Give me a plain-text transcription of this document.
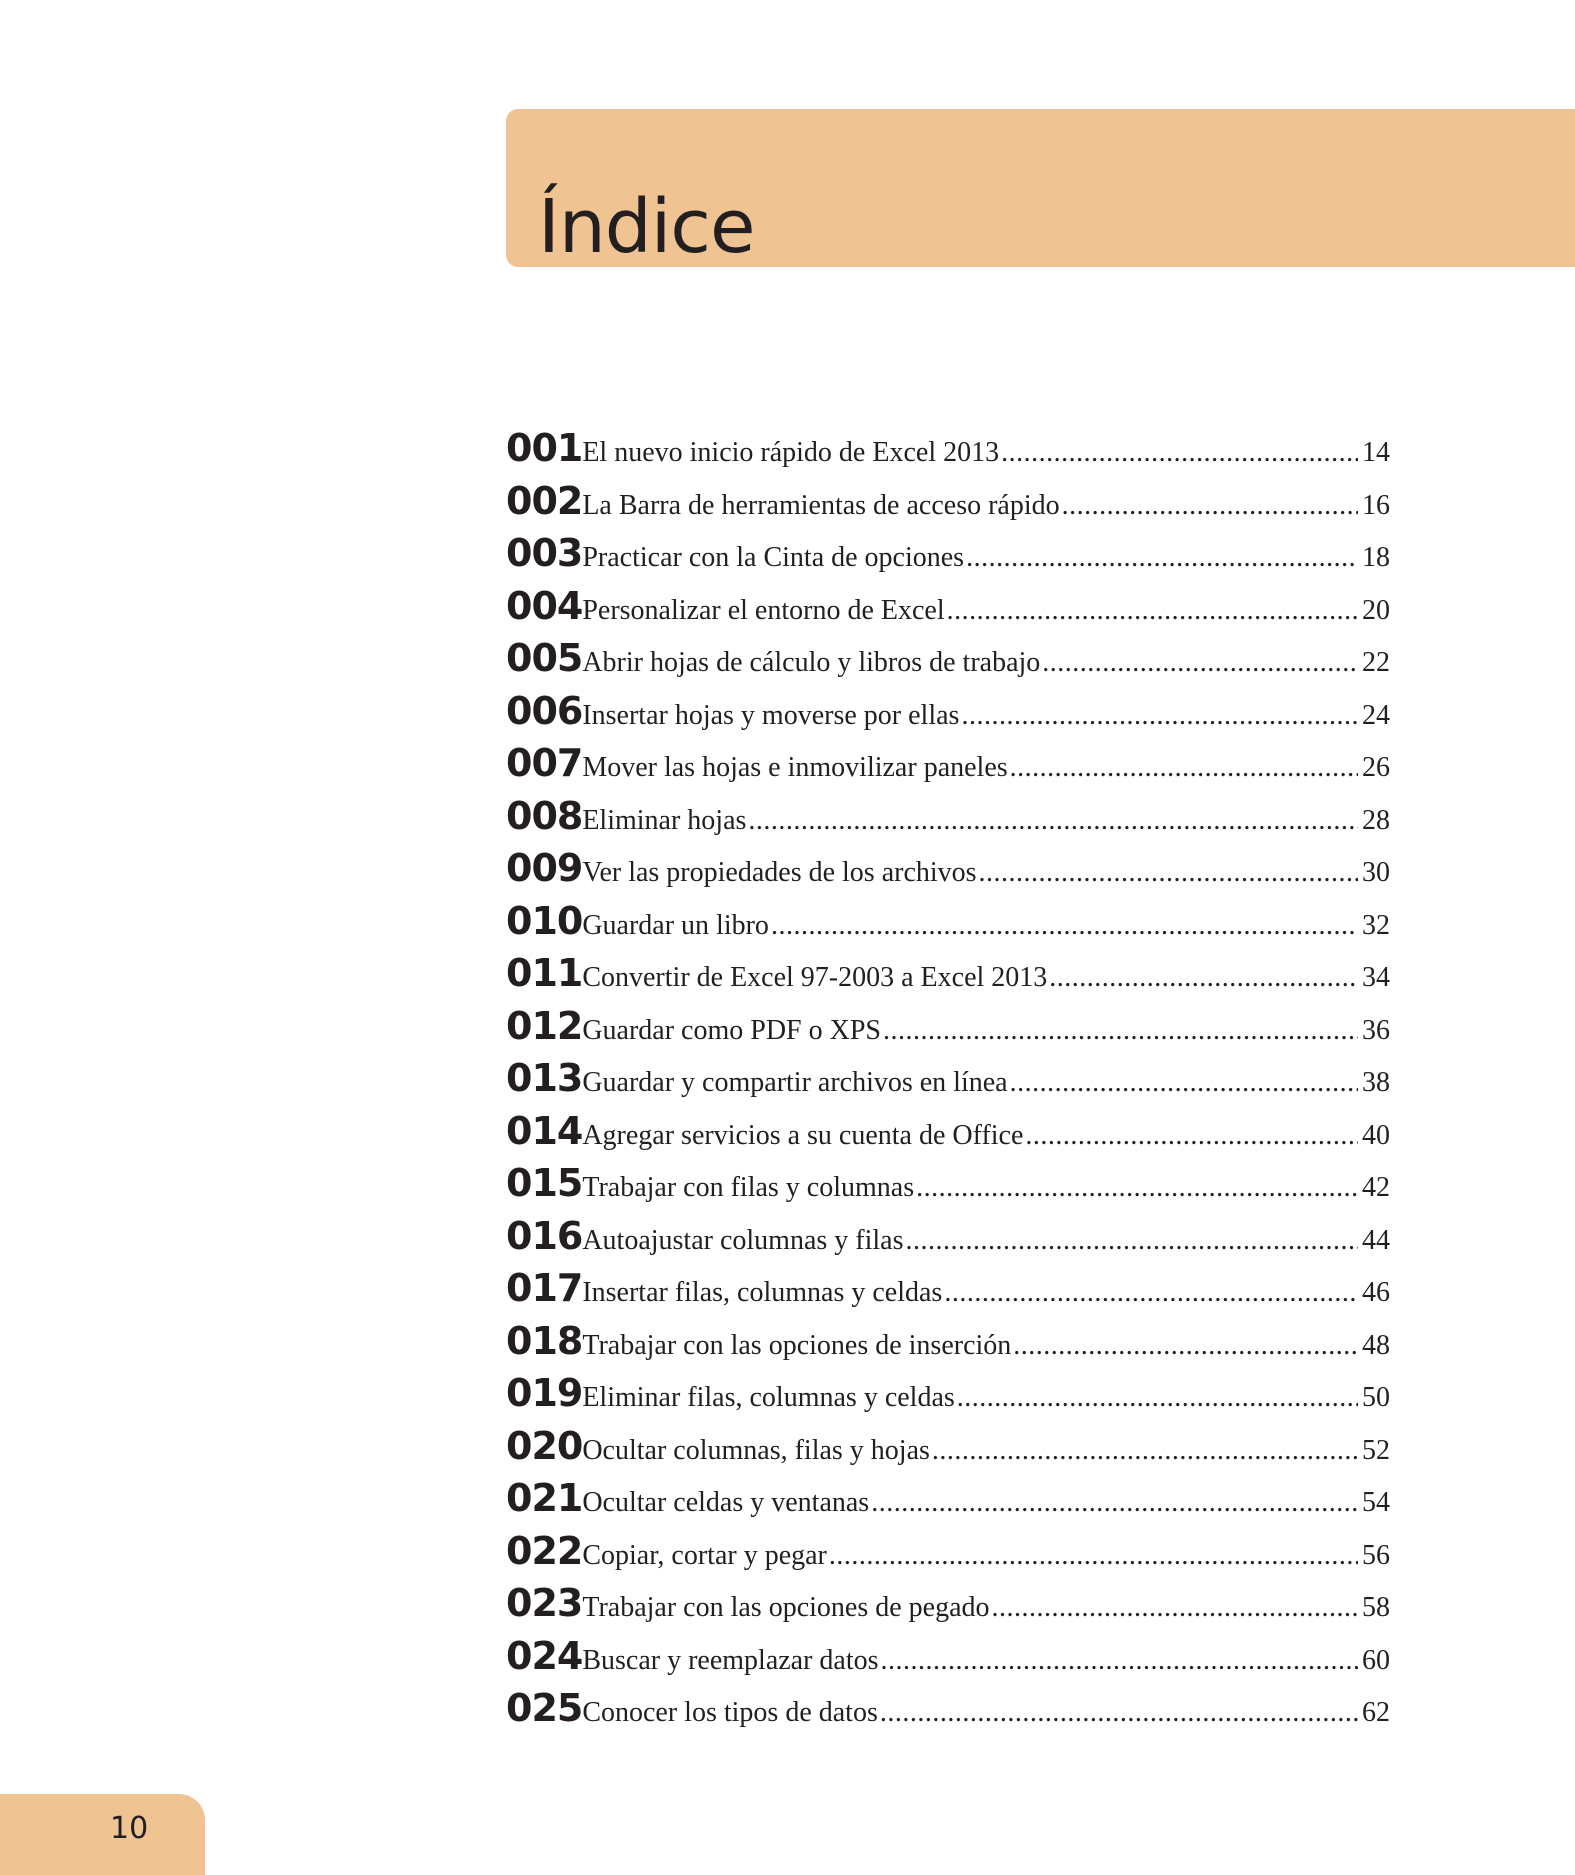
Índice
001 El nuevo inicio rápido de Excel 2013 .....	14
002 La Barra de herramientas de acceso rápido .....	16
003 Practicar con la Cinta de opciones .....	18
004 Personalizar el entorno de Excel .....	20
005 Abrir hojas de cálculo y libros de trabajo .....	22
006 Insertar hojas y moverse por ellas .....	24
007 Mover las hojas e inmovilizar paneles .....	26
008 Eliminar hojas .....	28
009 Ver las propiedades de los archivos .....	30
010 Guardar un libro .....	32
011 Convertir de Excel 97-2003 a Excel 2013 .....	34
012 Guardar como PDF o XPS .....	36
013 Guardar y compartir archivos en línea .....	38
014 Agregar servicios a su cuenta de Office .....	40
015 Trabajar con filas y columnas .....	42
016 Autoajustar columnas y filas .....	44
017 Insertar filas, columnas y celdas .....	46
018 Trabajar con las opciones de inserción .....	48
019 Eliminar filas, columnas y celdas .....	50
020 Ocultar columnas, filas y hojas .....	52
021 Ocultar celdas y ventanas .....	54
022 Copiar, cortar y pegar .....	56
023 Trabajar con las opciones de pegado .....	58
024 Buscar y reemplazar datos .....	60
025 Conocer los tipos de datos .....	62
10
